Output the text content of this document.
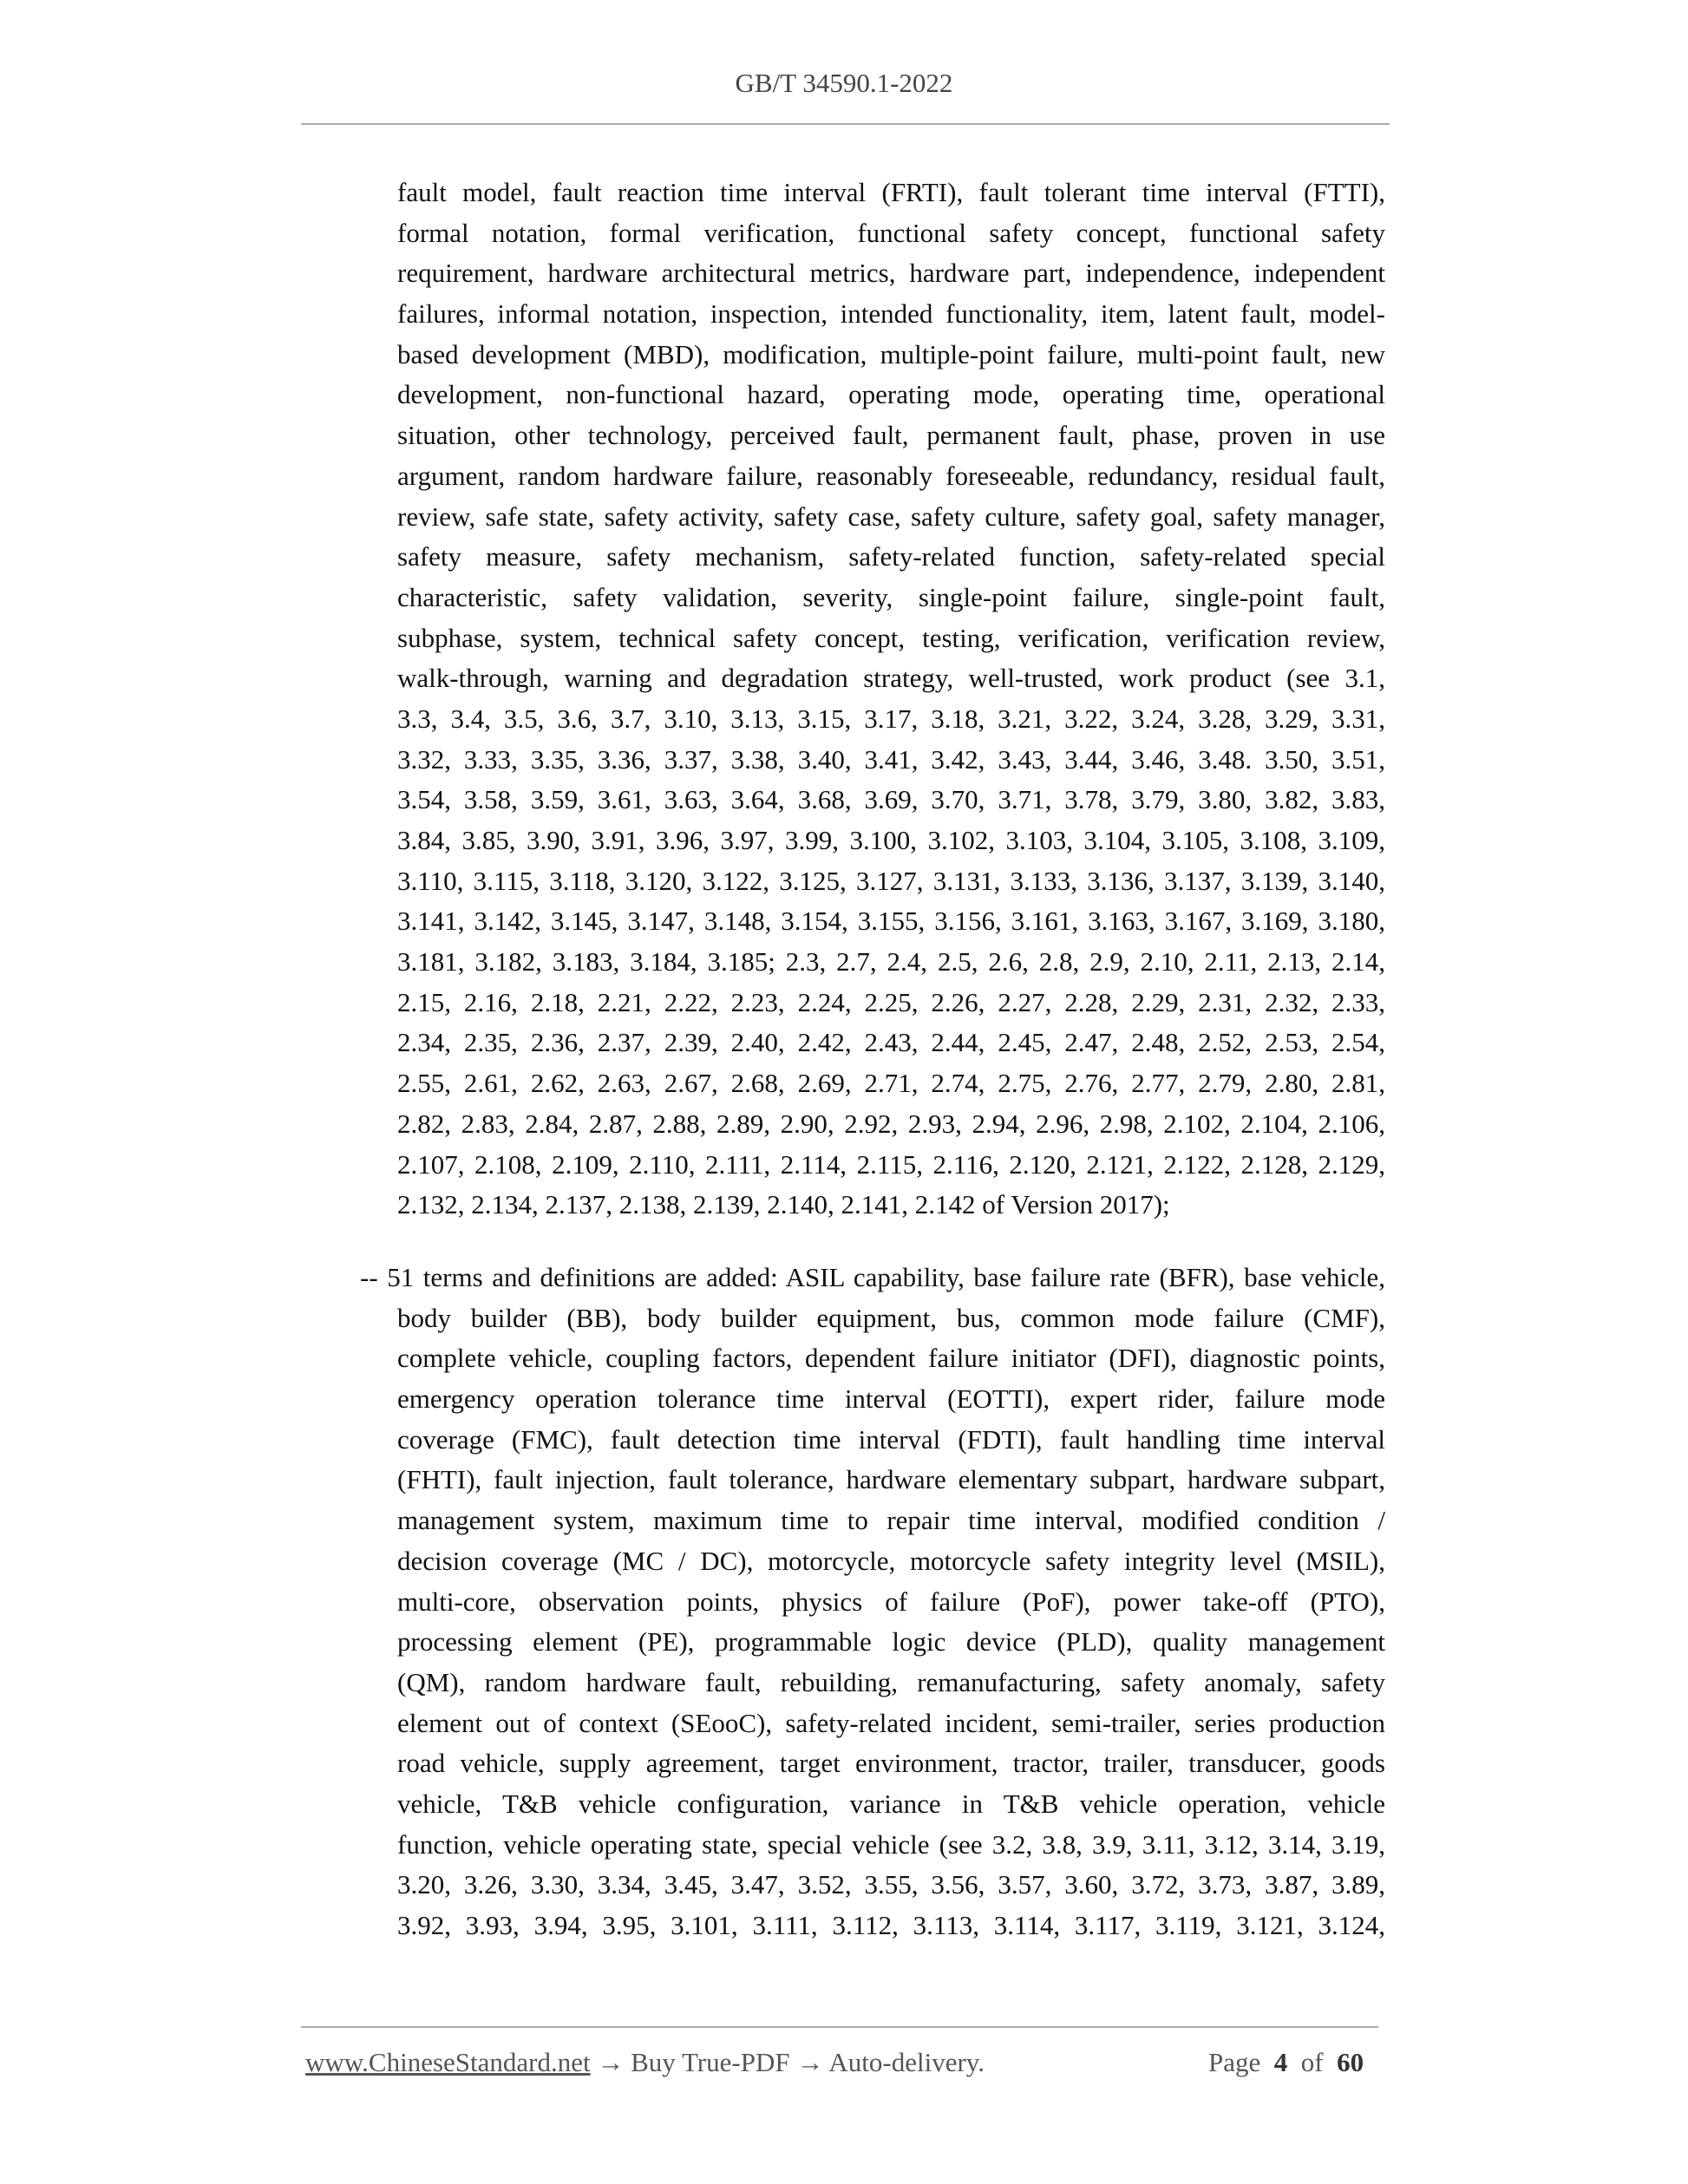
GB/T 34590.1-2022
fault model, fault reaction time interval (FRTI), fault tolerant time interval (FTTI),
formal notation, formal verification, functional safety concept, functional safety
requirement, hardware architectural metrics, hardware part, independence, independent
failures, informal notation, inspection, intended functionality, item, latent fault, model-
based development (MBD), modification, multiple-point failure, multi-point fault, new
development, non-functional hazard, operating mode, operating time, operational
situation, other technology, perceived fault, permanent fault, phase, proven in use
argument, random hardware failure, reasonably foreseeable, redundancy, residual fault,
review, safe state, safety activity, safety case, safety culture, safety goal, safety manager,
safety measure, safety mechanism, safety-related function, safety-related special
characteristic, safety validation, severity, single-point failure, single-point fault,
subphase, system, technical safety concept, testing, verification, verification review,
walk-through, warning and degradation strategy, well-trusted, work product (see 3.1,
3.3, 3.4, 3.5, 3.6, 3.7, 3.10, 3.13, 3.15, 3.17, 3.18, 3.21, 3.22, 3.24, 3.28, 3.29, 3.31,
3.32, 3.33, 3.35, 3.36, 3.37, 3.38, 3.40, 3.41, 3.42, 3.43, 3.44, 3.46, 3.48. 3.50, 3.51,
3.54, 3.58, 3.59, 3.61, 3.63, 3.64, 3.68, 3.69, 3.70, 3.71, 3.78, 3.79, 3.80, 3.82, 3.83,
3.84, 3.85, 3.90, 3.91, 3.96, 3.97, 3.99, 3.100, 3.102, 3.103, 3.104, 3.105, 3.108, 3.109,
3.110, 3.115, 3.118, 3.120, 3.122, 3.125, 3.127, 3.131, 3.133, 3.136, 3.137, 3.139, 3.140,
3.141, 3.142, 3.145, 3.147, 3.148, 3.154, 3.155, 3.156, 3.161, 3.163, 3.167, 3.169, 3.180,
3.181, 3.182, 3.183, 3.184, 3.185; 2.3, 2.7, 2.4, 2.5, 2.6, 2.8, 2.9, 2.10, 2.11, 2.13, 2.14,
2.15, 2.16, 2.18, 2.21, 2.22, 2.23, 2.24, 2.25, 2.26, 2.27, 2.28, 2.29, 2.31, 2.32, 2.33,
2.34, 2.35, 2.36, 2.37, 2.39, 2.40, 2.42, 2.43, 2.44, 2.45, 2.47, 2.48, 2.52, 2.53, 2.54,
2.55, 2.61, 2.62, 2.63, 2.67, 2.68, 2.69, 2.71, 2.74, 2.75, 2.76, 2.77, 2.79, 2.80, 2.81,
2.82, 2.83, 2.84, 2.87, 2.88, 2.89, 2.90, 2.92, 2.93, 2.94, 2.96, 2.98, 2.102, 2.104, 2.106,
2.107, 2.108, 2.109, 2.110, 2.111, 2.114, 2.115, 2.116, 2.120, 2.121, 2.122, 2.128, 2.129,
2.132, 2.134, 2.137, 2.138, 2.139, 2.140, 2.141, 2.142 of Version 2017);
-- 51 terms and definitions are added: ASIL capability, base failure rate (BFR), base vehicle,
body builder (BB), body builder equipment, bus, common mode failure (CMF),
complete vehicle, coupling factors, dependent failure initiator (DFI), diagnostic points,
emergency operation tolerance time interval (EOTTI), expert rider, failure mode
coverage (FMC), fault detection time interval (FDTI), fault handling time interval
(FHTI), fault injection, fault tolerance, hardware elementary subpart, hardware subpart,
management system, maximum time to repair time interval, modified condition /
decision coverage (MC / DC), motorcycle, motorcycle safety integrity level (MSIL),
multi-core, observation points, physics of failure (PoF), power take-off (PTO),
processing element (PE), programmable logic device (PLD), quality management
(QM), random hardware fault, rebuilding, remanufacturing, safety anomaly, safety
element out of context (SEooC), safety-related incident, semi-trailer, series production
road vehicle, supply agreement, target environment, tractor, trailer, transducer, goods
vehicle, T&B vehicle configuration, variance in T&B vehicle operation, vehicle
function, vehicle operating state, special vehicle (see 3.2, 3.8, 3.9, 3.11, 3.12, 3.14, 3.19,
3.20, 3.26, 3.30, 3.34, 3.45, 3.47, 3.52, 3.55, 3.56, 3.57, 3.60, 3.72, 3.73, 3.87, 3.89,
3.92, 3.93, 3.94, 3.95, 3.101, 3.111, 3.112, 3.113, 3.114, 3.117, 3.119, 3.121, 3.124,
www.ChineseStandard.net → Buy True-PDF → Auto-delivery.	Page 4 of 60
